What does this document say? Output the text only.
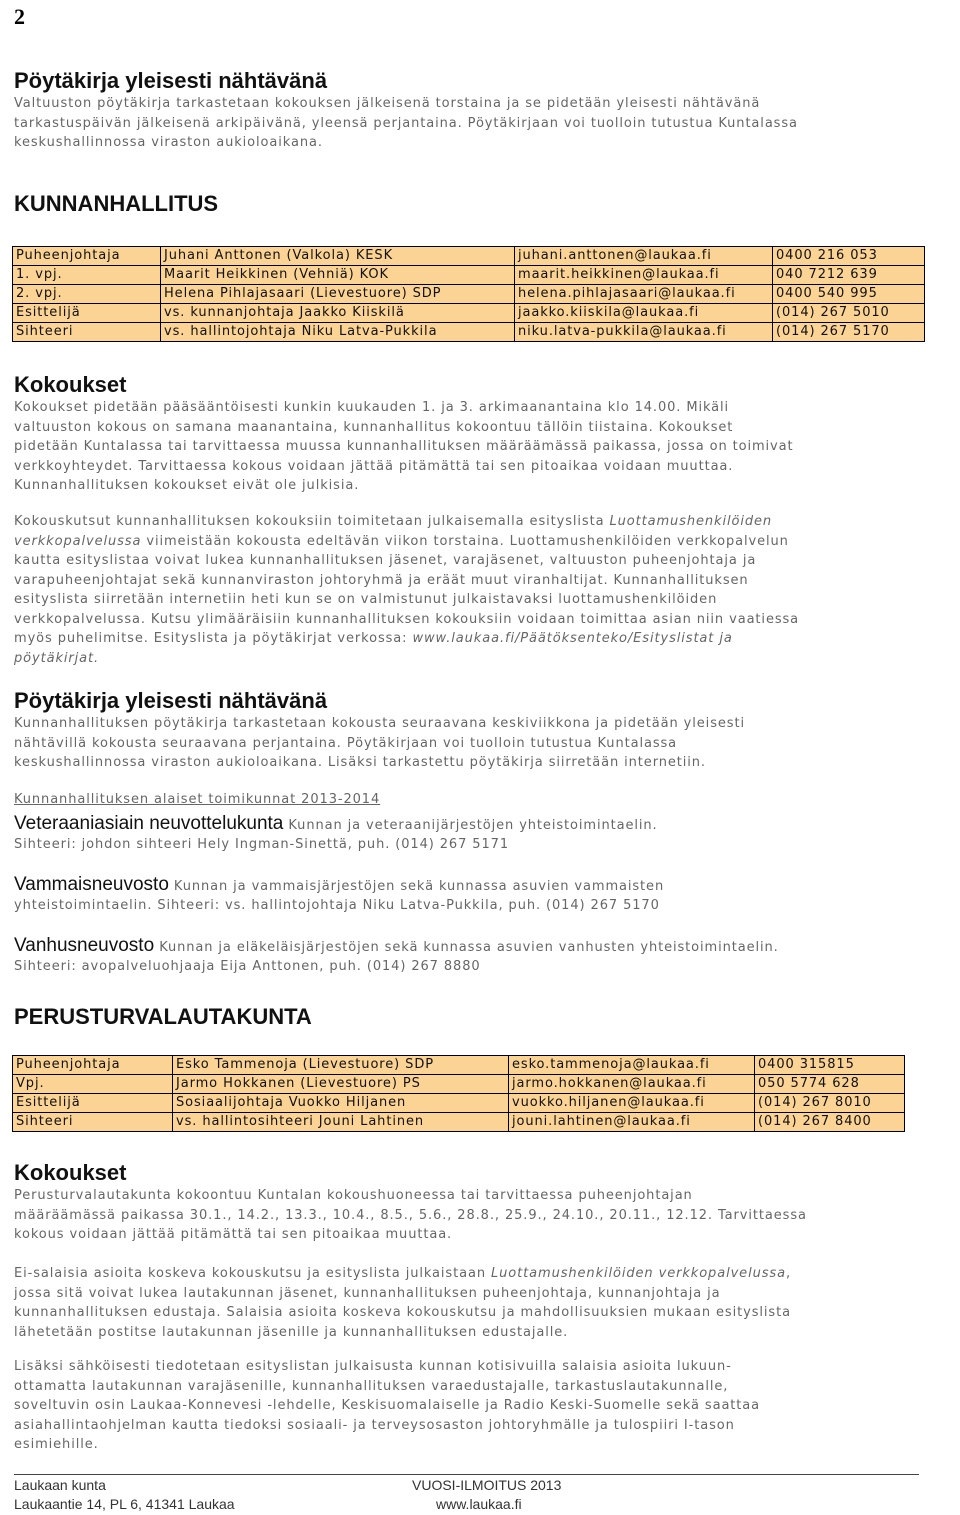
2
Pöytäkirja yleisesti nähtävänä

Valtuuston pöytäkirja tarkastetaan kokouksen jälkeisenä torstaina ja se pidetään yleisesti nähtävänä

tarkastuspäivän jälkeisenä arkipäivänä, yleensä perjantaina. Pöytäkirjaan voi tuolloin tutustua Kuntalassa

keskushallinnossa viraston aukioloaikana.

KUNNANHALLITUS
Puheenjohtaja	Juhani Anttonen (Valkola) KESK	juhani.anttonen@laukaa.fi	0400 216 053
1. vpj.	Maarit Heikkinen (Vehniä) KOK	maarit.heikkinen@laukaa.fi	040 7212 639
2. vpj.	Helena Pihlajasaari (Lievestuore) SDP	helena.pihlajasaari@laukaa.fi	0400 540 995
Esittelijä	vs. kunnanjohtaja Jaakko Kiiskilä	jaakko.kiiskila@laukaa.fi	(014) 267 5010
Sihteeri	vs. hallintojohtaja Niku Latva-Pukkila	niku.latva-pukkila@laukaa.fi	(014) 267 5170
Kokoukset

Kokoukset pidetään pääsääntöisesti kunkin kuukauden 1. ja 3. arkimaanantaina klo 14.00. Mikäli

valtuuston kokous on samana maanantaina, kunnanhallitus kokoontuu tällöin tiistaina. Kokoukset

pidetään Kuntalassa tai tarvittaessa muussa kunnanhallituksen määräämässä paikassa, jossa on toimivat

verkkoyhteydet. Tarvittaessa kokous voidaan jättää pitämättä tai sen pitoaikaa voidaan muuttaa.

Kunnanhallituksen kokoukset eivät ole julkisia.

Kokouskutsut kunnanhallituksen kokouksiin toimitetaan julkaisemalla esityslista Luottamushenkilöiden

verkkopalvelussa viimeistään kokousta edeltävän viikon torstaina. Luottamushenkilöiden verkkopalvelun

kautta esityslistaa voivat lukea kunnanhallituksen jäsenet, varajäsenet, valtuuston puheenjohtaja ja

varapuheenjohtajat sekä kunnanviraston johtoryhmä ja eräät muut viranhaltijat. Kunnanhallituksen

esityslista siirretään internetiin heti kun se on valmistunut julkaistavaksi luottamushenkilöiden

verkkopalvelussa. Kutsu ylimääräisiin kunnanhallituksen kokouksiin voidaan toimittaa asian niin vaatiessa

myös puhelimitse. Esityslista ja pöytäkirjat verkossa: www.laukaa.fi/Päätöksenteko/Esityslistat ja

pöytäkirjat.

Pöytäkirja yleisesti nähtävänä

Kunnanhallituksen pöytäkirja tarkastetaan kokousta seuraavana keskiviikkona ja pidetään yleisesti

nähtävillä kokousta seuraavana perjantaina. Pöytäkirjaan voi tuolloin tutustua Kuntalassa

keskushallinnossa viraston aukioloaikana. Lisäksi tarkastettu pöytäkirja siirretään internetiin.

Kunnanhallituksen alaiset toimikunnat 2013-2014

Veteraaniasiain neuvottelukunta Kunnan ja veteraanijärjestöjen yhteistoimintaelin.

Sihteeri: johdon sihteeri Hely Ingman-Sinettä, puh. (014) 267 5171

Vammaisneuvosto Kunnan ja vammaisjärjestöjen sekä kunnassa asuvien vammaisten

yhteistoimintaelin. Sihteeri: vs. hallintojohtaja Niku Latva-Pukkila, puh. (014) 267 5170

Vanhusneuvosto Kunnan ja eläkeläisjärjestöjen sekä kunnassa asuvien vanhusten yhteistoimintaelin.

Sihteeri: avopalveluohjaaja Eija Anttonen, puh. (014) 267 8880

PERUSTURVALAUTAKUNTA
Puheenjohtaja	Esko Tammenoja (Lievestuore) SDP	esko.tammenoja@laukaa.fi	0400 315815
Vpj.	Jarmo Hokkanen (Lievestuore) PS	jarmo.hokkanen@laukaa.fi	050 5774 628
Esittelijä	Sosiaalijohtaja Vuokko Hiljanen	vuokko.hiljanen@laukaa.fi	(014) 267 8010
Sihteeri	vs. hallintosihteeri Jouni Lahtinen	jouni.lahtinen@laukaa.fi	(014) 267 8400
Kokoukset

Perusturvalautakunta kokoontuu Kuntalan kokoushuoneessa tai tarvittaessa puheenjohtajan

määräämässä paikassa 30.1., 14.2., 13.3., 10.4., 8.5., 5.6., 28.8., 25.9., 24.10., 20.11., 12.12. Tarvittaessa

kokous voidaan jättää pitämättä tai sen pitoaikaa muuttaa.

Ei-salaisia asioita koskeva kokouskutsu ja esityslista julkaistaan Luottamushenkilöiden verkkopalvelussa,

jossa sitä voivat lukea lautakunnan jäsenet, kunnanhallituksen puheenjohtaja, kunnanjohtaja ja

kunnanhallituksen edustaja. Salaisia asioita koskeva kokouskutsu ja mahdollisuuksien mukaan esityslista

lähetetään postitse lautakunnan jäsenille ja kunnanhallituksen edustajalle.

Lisäksi sähköisesti tiedotetaan esityslistan julkaisusta kunnan kotisivuilla salaisia asioita lukuun-

ottamatta lautakunnan varajäsenille, kunnanhallituksen varaedustajalle, tarkastuslautakunnalle,

soveltuvin osin Laukaa-Konnevesi -lehdelle, Keskisuomalaiselle ja Radio Keski-Suomelle sekä saattaa

asiahallintaohjelman kautta tiedoksi sosiaali- ja terveysosaston johtoryhmälle ja tulospiiri I-tason

esimiehille.

Laukaan kunta
Laukaantie 14, PL 6, 41341 Laukaa
VUOSI-ILMOITUS 2013
www.laukaa.fi
